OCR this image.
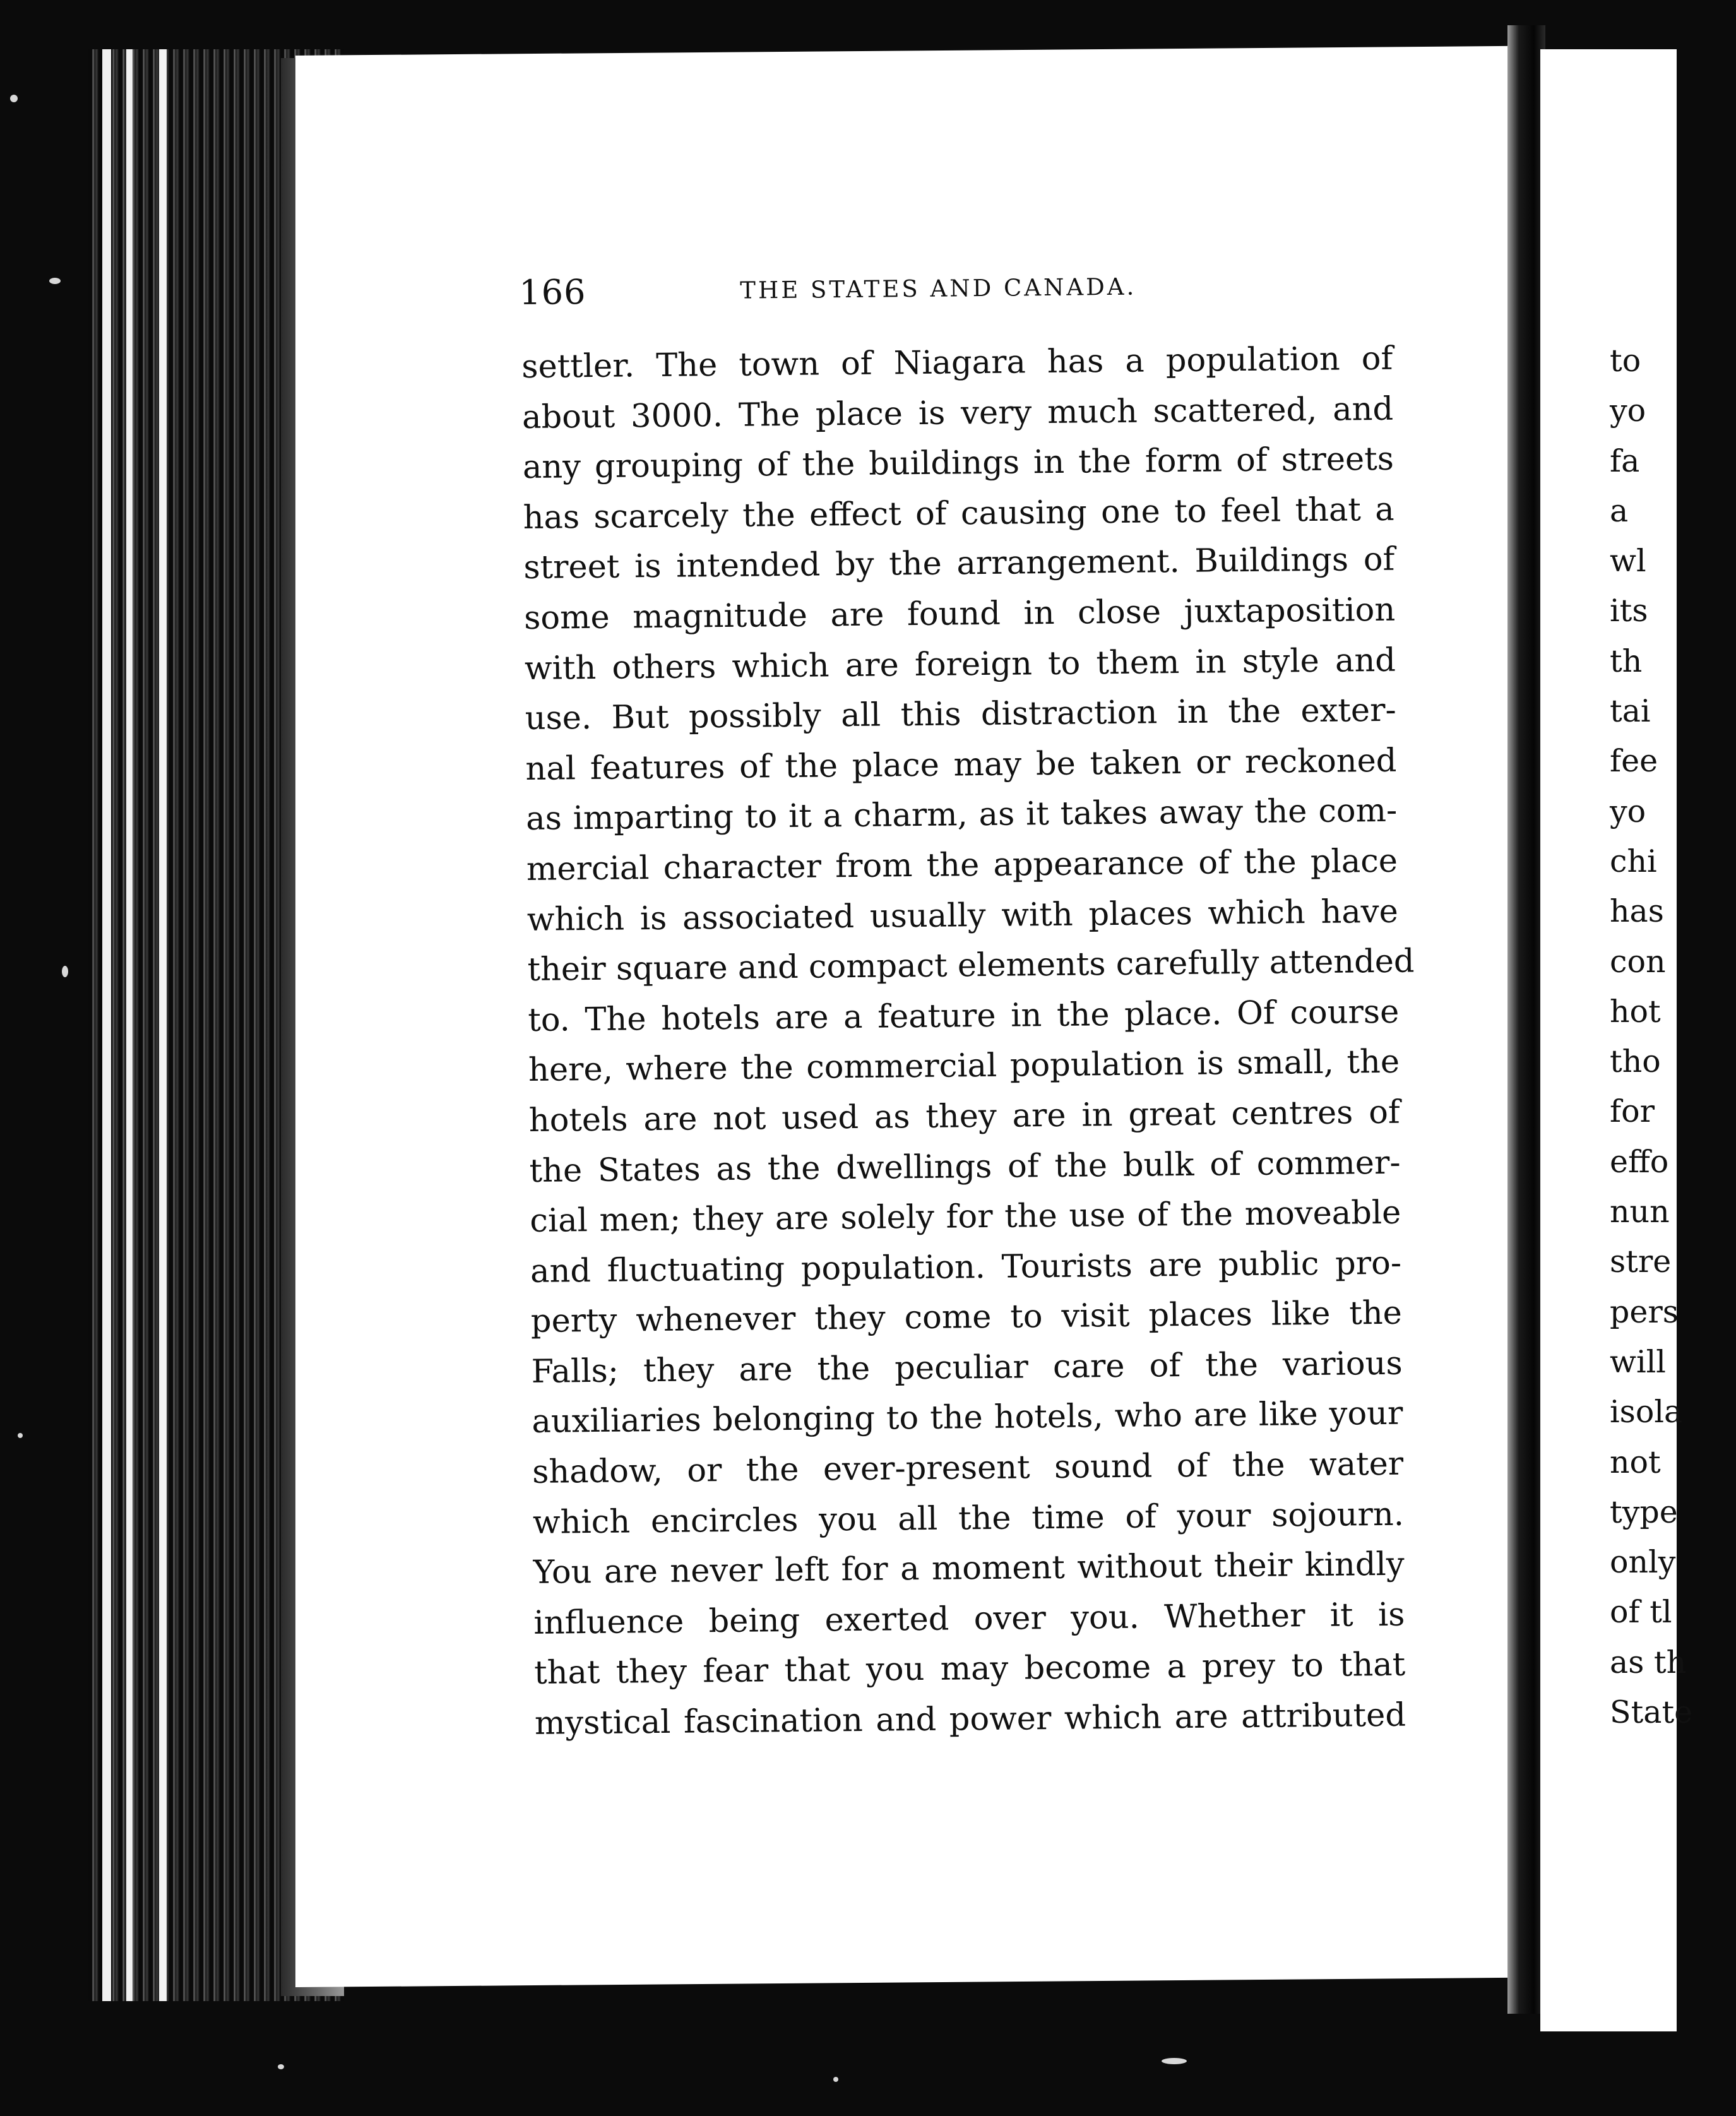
166	THE STATES AND CANADA.
settler. The town of Niagara has a population of
about 3000. The place is very much scattered, and
any grouping of the buildings in the form of streets
has scarcely the effect of causing one to feel that a
street is intended by the arrangement. Buildings of
some magnitude are found in close juxtaposition
with others which are foreign to them in style and
use. But possibly all this distraction in the exter-
nal features of the place may be taken or reckoned
as imparting to it a charm, as it takes away the com-
mercial character from the appearance of the place
which is associated usually with places which have
their square and compact elements carefully attended
to. The hotels are a feature in the place. Of course
here, where the commercial population is small, the
hotels are not used as they are in great centres of
the States as the dwellings of the bulk of commer-
cial men; they are solely for the use of the moveable
and fluctuating population. Tourists are public pro-
perty whenever they come to visit places like the
Falls; they are the peculiar care of the various
auxiliaries belonging to the hotels, who are like your
shadow, or the ever-present sound of the water
which encircles you all the time of your sojourn.
You are never left for a moment without their kindly
influence being exerted over you. Whether it is
that they fear that you may become a prey to that
mystical fascination and power which are attributed
to
yo
fa
a
wl
its
th
tai
fee
yo
chi
has
con
hot
tho
for
effo
nun
stre
pers
will
isola
not
type
only
of tl
as th
State
